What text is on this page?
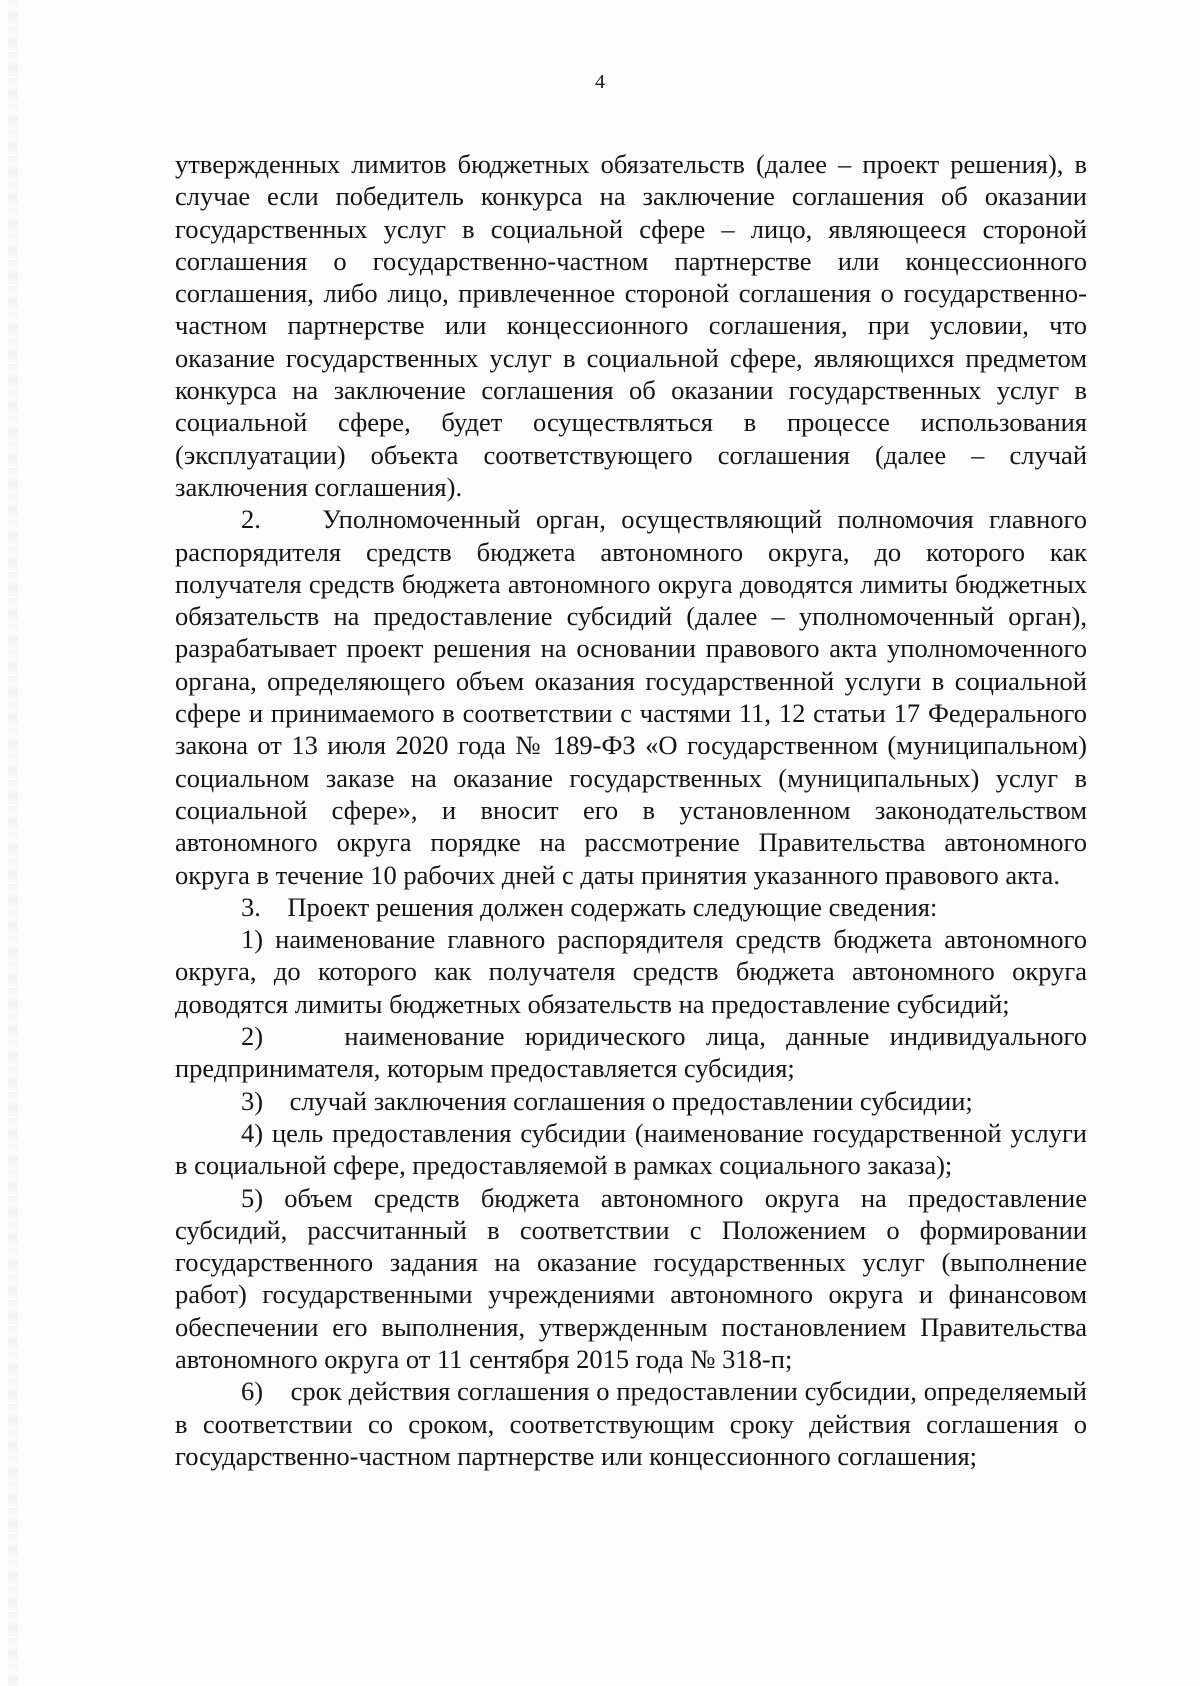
4

утвержденных лимитов бюджетных обязательств (далее – проект решения), в случае если победитель конкурса на заключение соглашения об оказании государственных услуг в социальной сфере – лицо, являющееся стороной соглашения о государственно-частном партнерстве или концессионного соглашения, либо лицо, привлеченное стороной соглашения о государственно-частном партнерстве или концессионного соглашения, при условии, что оказание государственных услуг в социальной сфере, являющихся предметом конкурса на заключение соглашения об оказании государственных услуг в социальной сфере, будет осуществляться в процессе использования (эксплуатации) объекта соответствующего соглашения (далее – случай заключения соглашения).

2.    Уполномоченный орган, осуществляющий полномочия главного распорядителя средств бюджета автономного округа, до которого как получателя средств бюджета автономного округа доводятся лимиты бюджетных обязательств на предоставление субсидий (далее – уполномоченный орган), разрабатывает проект решения на основании правового акта уполномоченного органа, определяющего объем оказания государственной услуги в социальной сфере и принимаемого в соответствии с частями 11, 12 статьи 17 Федерального закона от 13 июля 2020 года № 189-ФЗ «О государственном (муниципальном) социальном заказе на оказание государственных (муниципальных) услуг в социальной сфере», и вносит его в установленном законодательством автономного округа порядке на рассмотрение Правительства автономного округа в течение 10 рабочих дней с даты принятия указанного правового акта.

3.    Проект решения должен содержать следующие сведения:

1) наименование главного распорядителя средств бюджета автономного округа, до которого как получателя средств бюджета автономного округа доводятся лимиты бюджетных обязательств на предоставление субсидий;

2)    наименование юридического лица, данные индивидуального предпринимателя, которым предоставляется субсидия;

3)    случай заключения соглашения о предоставлении субсидии;

4) цель предоставления субсидии (наименование государственной услуги в социальной сфере, предоставляемой в рамках социального заказа);

5) объем средств бюджета автономного округа на предоставление субсидий, рассчитанный в соответствии с Положением о формировании государственного задания на оказание государственных услуг (выполнение работ) государственными учреждениями автономного округа и финансовом обеспечении его выполнения, утвержденным постановлением Правительства автономного округа от 11 сентября 2015 года № 318-п;

6)    срок действия соглашения о предоставлении субсидии, определяемый в соответствии со сроком, соответствующим сроку действия соглашения о государственно-частном партнерстве или концессионного соглашения;
